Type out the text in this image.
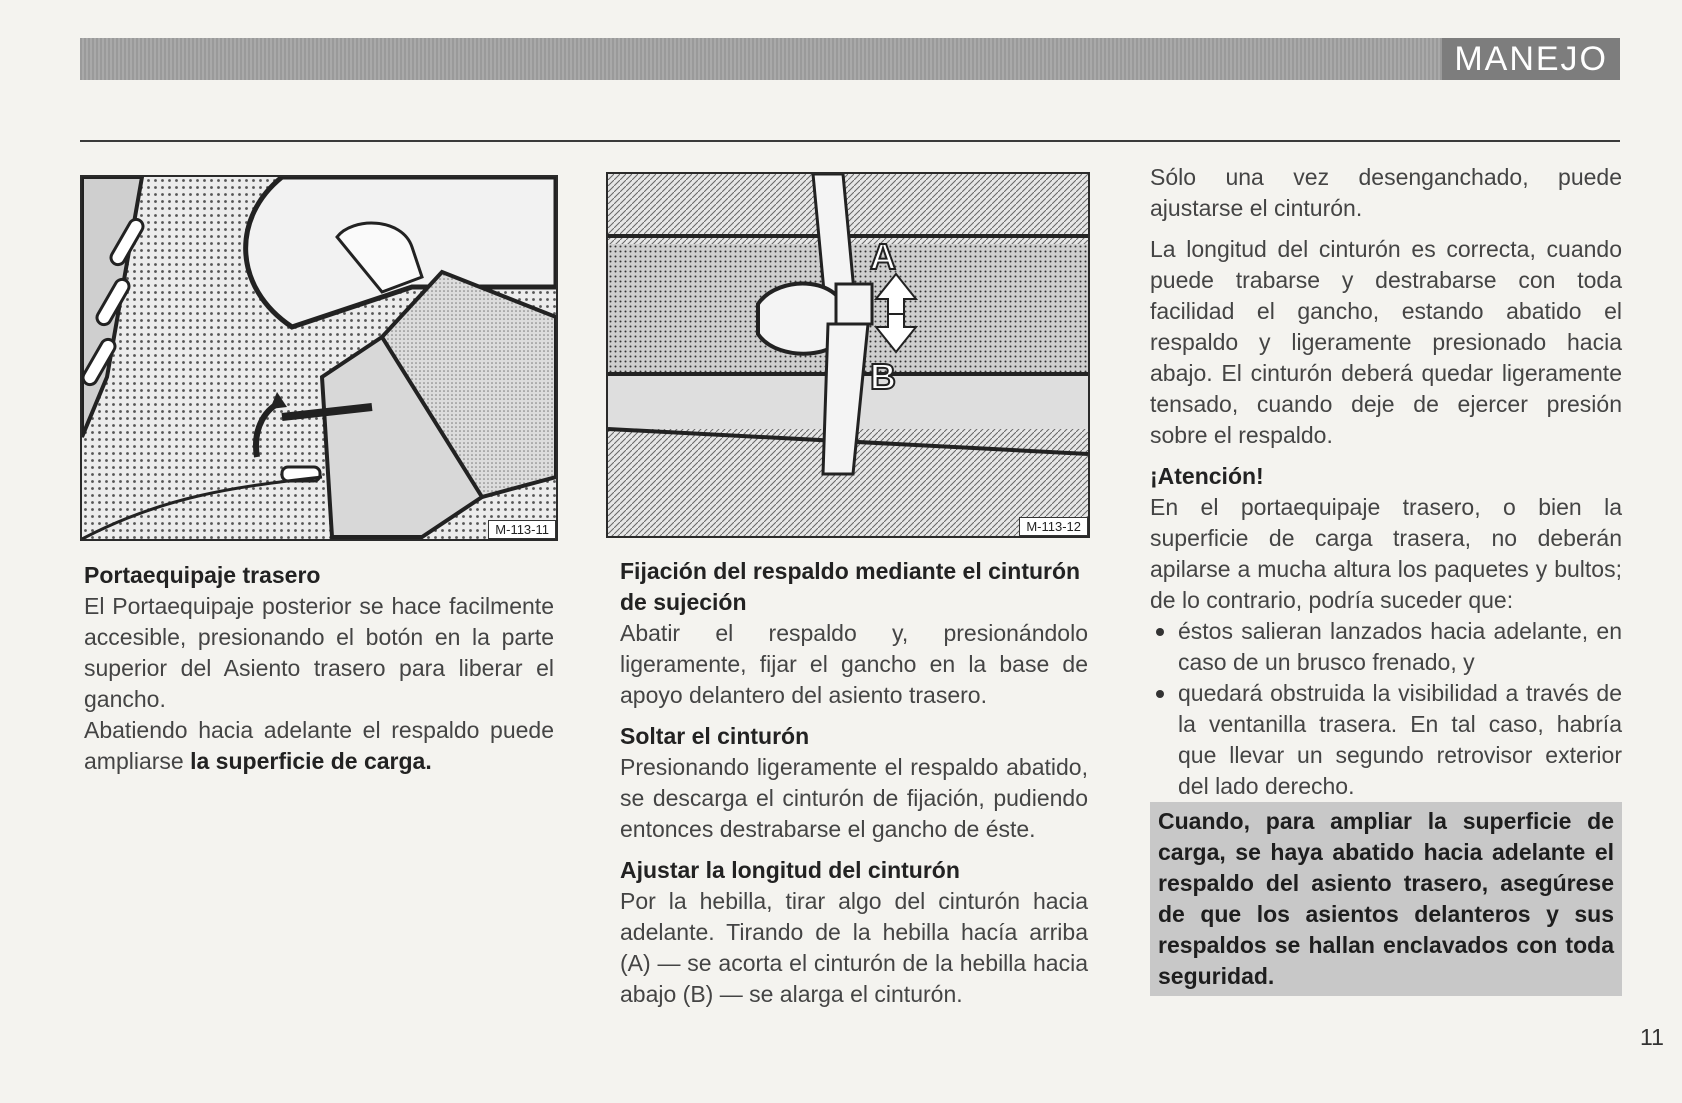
MANEJO
M-113-11
A
B
M-113-12

Portaequipaje trasero

El Portaequipaje posterior se hace facilmente accesible, presionando el botón en la parte superior del Asiento trasero para liberar el gancho.

Abatiendo hacia adelante el respaldo puede ampliarse la superficie de carga.

Fijación del respaldo mediante el cinturón de sujeción

Abatir el respaldo y, presionándolo ligeramente, fijar el gancho en la base de apoyo delantero del asiento trasero.

Soltar el cinturón

Presionando ligeramente el respaldo abatido, se descarga el cinturón de fijación, pudiendo entonces destrabarse el gancho de éste.

Ajustar la longitud del cinturón

Por la hebilla, tirar algo del cinturón hacia adelante. Tirando de la hebilla hacía arriba (A) — se acorta el cinturón de la hebilla hacia abajo (B) — se alarga el cinturón.

Sólo una vez desenganchado, puede ajustarse el cinturón.

La longitud del cinturón es correcta, cuando puede trabarse y destrabarse con toda facilidad el gancho, estando abatido el respaldo y ligeramente presionado hacia abajo. El cinturón deberá quedar ligeramente tensado, cuando deje de ejercer presión sobre el respaldo.

¡Atención!

En el portaequipaje trasero, o bien la superficie de carga trasera, no deberán apilarse a mucha altura los paquetes y bultos; de lo contrario, podría suceder que:

éstos salieran lanzados hacia adelante, en caso de un brusco frenado, y
quedará obstruida la visibilidad a través de la ventanilla trasera. En tal caso, habría que llevar un segundo retrovisor exterior del lado derecho.

Cuando, para ampliar la superficie de carga, se haya abatido hacia adelante el respaldo del asiento trasero, asegúrese de que los asientos delanteros y sus respaldos se hallan enclavados con toda seguridad.

11
